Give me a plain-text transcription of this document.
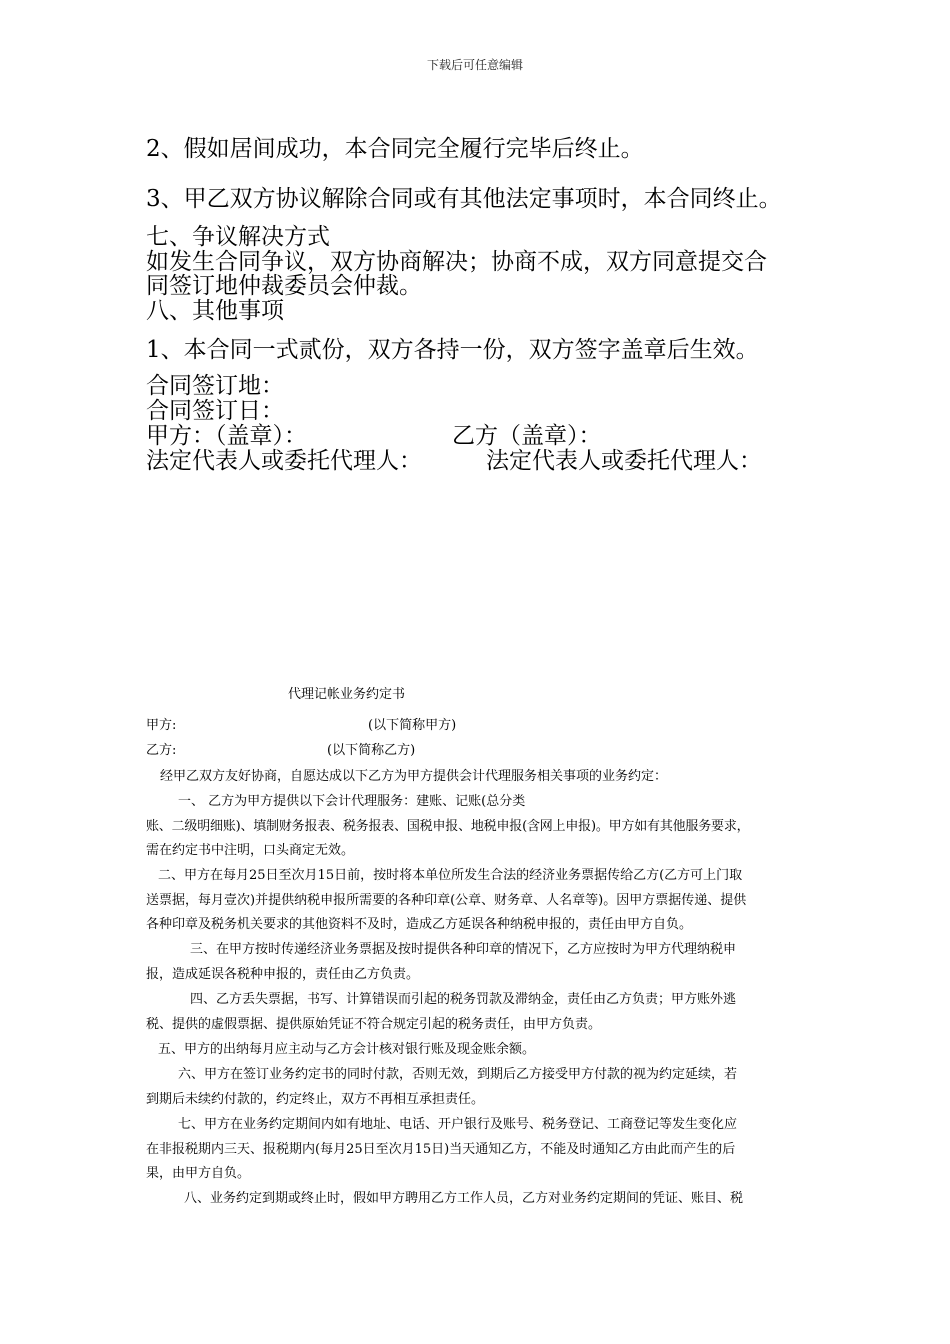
下载后可任意编辑
2、假如居间成功，本合同完全履行完毕后终止。
3、甲乙双方协议解除合同或有其他法定事项时，本合同终止。
七、争议解决方式
如发生合同争议，双方协商解决；协商不成，双方同意提交合
同签订地仲裁委员会仲裁。
八、其他事项
1、本合同一式贰份，双方各持一份，双方签字盖章后生效。
合同签订地：
合同签订日：
甲方：（盖章）：	乙方（盖章）：
法定代表人或委托代理人：	法定代表人或委托代理人：
代理记帐业务约定书
甲方:	(以下简称甲方)
乙方:	(以下简称乙方)
经甲乙双方友好协商，自愿达成以下乙方为甲方提供会计代理服务相关事项的业务约定：
一、 乙方为甲方提供以下会计代理服务：建账、记账(总分类
账、二级明细账)、填制财务报表、税务报表、国税申报、地税申报(含网上申报)。甲方如有其他服务要求，
需在约定书中注明，口头商定无效。
二、甲方在每月25日至次月15日前，按时将本单位所发生合法的经济业务票据传给乙方(乙方可上门取
送票据，每月壹次)并提供纳税申报所需要的各种印章(公章、财务章、人名章等)。因甲方票据传递、提供
各种印章及税务机关要求的其他资料不及时，造成乙方延误各种纳税申报的，责任由甲方自负。
三、在甲方按时传递经济业务票据及按时提供各种印章的情况下，乙方应按时为甲方代理纳税申
报，造成延误各税种申报的，责任由乙方负责。
四、乙方丢失票据，书写、计算错误而引起的税务罚款及滞纳金，责任由乙方负责；甲方账外逃
税、提供的虚假票据、提供原始凭证不符合规定引起的税务责任，由甲方负责。
五、甲方的出纳每月应主动与乙方会计核对银行账及现金账余额。
六、甲方在签订业务约定书的同时付款，否则无效，到期后乙方接受甲方付款的视为约定延续，若
到期后未续约付款的，约定终止，双方不再相互承担责任。
七、甲方在业务约定期间内如有地址、电话、开户银行及账号、税务登记、工商登记等发生变化应
在非报税期内三天、报税期内(每月25日至次月15日)当天通知乙方，不能及时通知乙方由此而产生的后
果，由甲方自负。
八、业务约定到期或终止时，假如甲方聘用乙方工作人员，乙方对业务约定期间的凭证、账目、税
